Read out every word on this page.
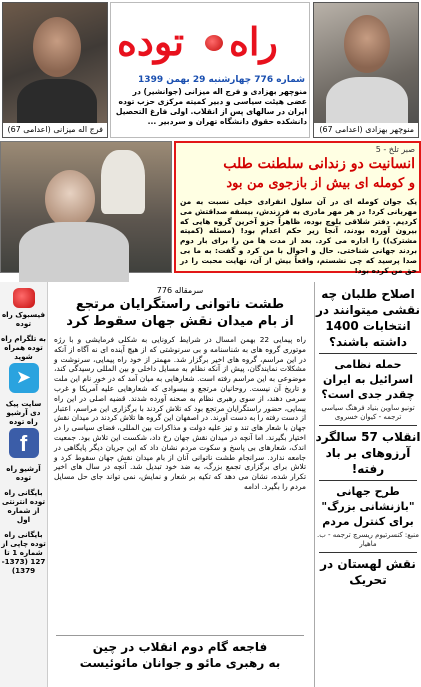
فرج اله میزانی (اعدامی 67)
راه
توده
شماره 776 چهارشنبه 29 بهمن 1399
منوچهر بهزادی و فرج اله میزانی (جوانشیر) در عضی هیئت سیاسی و دبیر کمیته مرکزی حزب توده ایران در سالهای پس از انقلاب. اولی فارغ التحصیل دانشکده حقوق دانشگاه تهران و سردبیر ...
منوچهر بهزادی (اعدامی 67)
صبر تلخ - 5
انسانیت دو زندانی سلطنت طلب
و کومله ای بیش از بازجوی من بود
یک جوان کومله ای در آن سلول انفرادی خیلی نسبت به من مهربانی کرد! در هر مهر مادری به فرزندش، بیسفه صداقتش می کردیم. دفتر شلاقی بلوچ بوده، ظاهراً جزو آخرین گروه هایی که بیرون آورده بودند، آنجا زیر حکم اعدام بود! (مسئله (کمیته مشترک)) را اداره می کرد. بعد از مدت ها من را برای بار دوم بردند جهانی شناختی. حال و احوال با من کرد و گفت: به ما بی صدا پرسید که چی نشستم، واقعاً بیش از آن، نهایت محبت را در حق من کرده بود!
فیسبوک راه توده
به تلگرام راه توده همراه شوید
➤
سایت پیک دی آرشیو راه توده
f
آرشیو راه توده
بایگانی راه توده انترنتی از شماره اول
بایگانی راه توده چاپی از شماره 1 تا 127 (1373-1379)
سرمقاله 776
طشت ناتوانی راستگرایان مرتجع
از بام میدان نقش جهان سقوط کرد
راه پیمایی 22 بهمن امسال در شرایط کرونایی به شکلی فرمایشی و با رژه موتوری گروه های به شناسنامه و بی سرنوشتی که از هیچ آینده ای نه آگاه از آنکه در این مراسم، گروه های اخیر برگزار شد. مهمتر از خود راه پیمایی، سرنوشت و مشکلات نمایندگان، پیش از آنکه نظام به مسایل داخلی و بین المللی رسیدگی کند، موضوعی به این مراسم رفته است. شعارهایی به میان آمد که در خور نام این ملت و تاریخ آن نیست. روحانیان مرتجع و بیسوادی که شعارهایی علیه آمریکا و غرب سرمی دهند، از سوی رهبری نظام به صحنه آورده شدند. قضیه اصلی در این راه پیمایی، حضور راستگرایان مرتجع بود که تلاش کردند با برگزاری این مراسم، اعتبار از دست رفته را به دست آورند. در اصفهان این گروه ها تلاش کردند در میدان نقش جهان با شعار های تند و تیز علیه دولت و مذاکرات بین المللی، فضای سیاسی را در اختیار بگیرند. اما آنچه در میدان نقش جهان رخ داد، شکست این تلاش بود. جمعیت اندک، شعارهای بی پاسخ و سکوت مردم نشان داد که این جریان دیگر پایگاهی در جامعه ندارد. سرانجام طشت ناتوانی آنان از بام میدان نقش جهان سقوط کرد و تلاش برای برگزاری تجمع بزرگ، به ضد خود تبدیل شد. آنچه در سال های اخیر تکرار شده، نشان می دهد که تکیه بر شعار و نمایش، نمی تواند جای حل مسایل مردم را بگیرد. ادامه
فاجعه گام دوم انقلاب در چین
به رهبری مائو و جوانان مائوئیست
اصلاح طلبان چه نقشی میتوانند در انتخابات 1400 داشته باشند؟
حمله نظامی اسرائیل به ایران چقدر جدی است؟
تونیو ساوین بنیاد فرهنگ سیاسی ترجمه - کیوان خسروی
انقلاب 57 سالگرد آرزوهای بر باد رفته!
طرح جهانی "بازنشانی بزرگ" برای کنترل مردم
منبع: کنسرتیوم ریسرچ ترجمه - ب. ماهیار
نقش لهستان در تحریک
